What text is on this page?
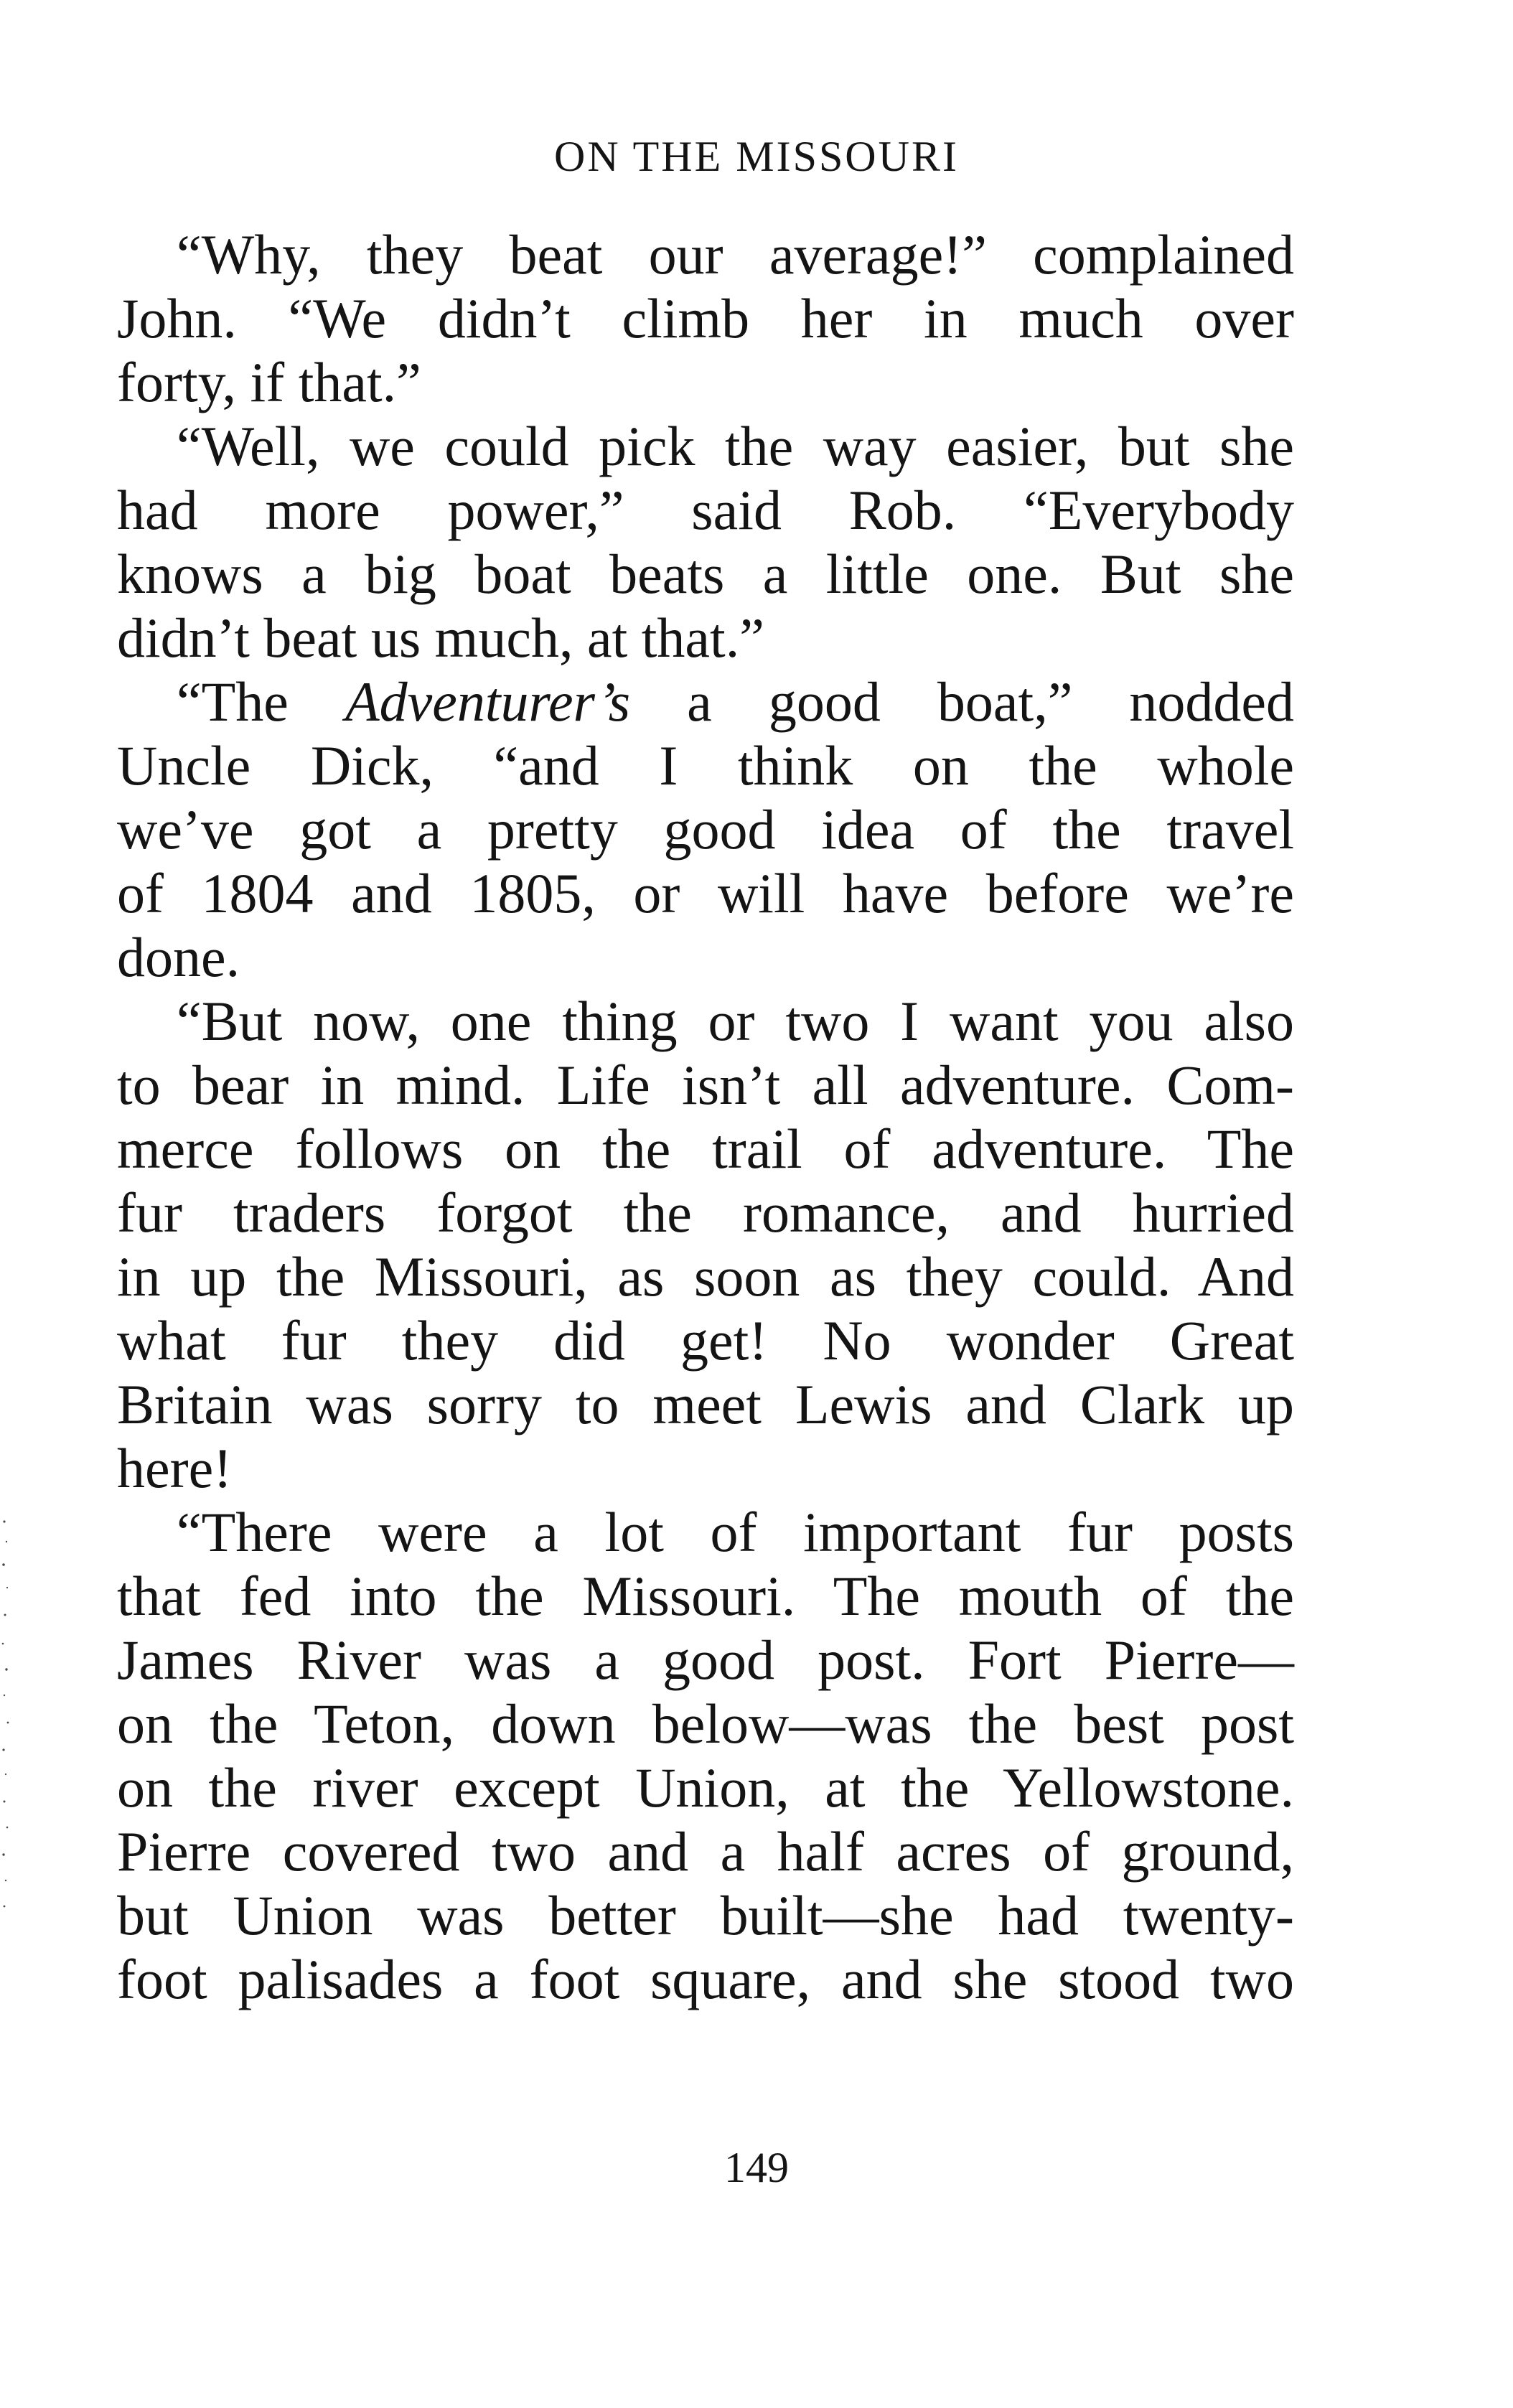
ON THE MISSOURI
“Why, they beat our average!” complained
John. “We didn’t climb her in much over
forty, if that.”
“Well, we could pick the way easier, but she
had more power,” said Rob. “Everybody
knows a big boat beats a little one. But she
didn’t beat us much, at that.”
“The Adventurer’s a good boat,” nodded
Uncle Dick, “and I think on the whole
we’ve got a pretty good idea of the travel
of 1804 and 1805, or will have before we’re
done.
“But now, one thing or two I want you also
to bear in mind. Life isn’t all adventure. Com-
merce follows on the trail of adventure. The
fur traders forgot the romance, and hurried
in up the Missouri, as soon as they could. And
what fur they did get! No wonder Great
Britain was sorry to meet Lewis and Clark up
here!
“There were a lot of important fur posts
that fed into the Missouri. The mouth of the
James River was a good post. Fort Pierre—
on the Teton, down below—was the best post
on the river except Union, at the Yellowstone.
Pierre covered two and a half acres of ground,
but Union was better built—she had twenty-
foot palisades a foot square, and she stood two
149
